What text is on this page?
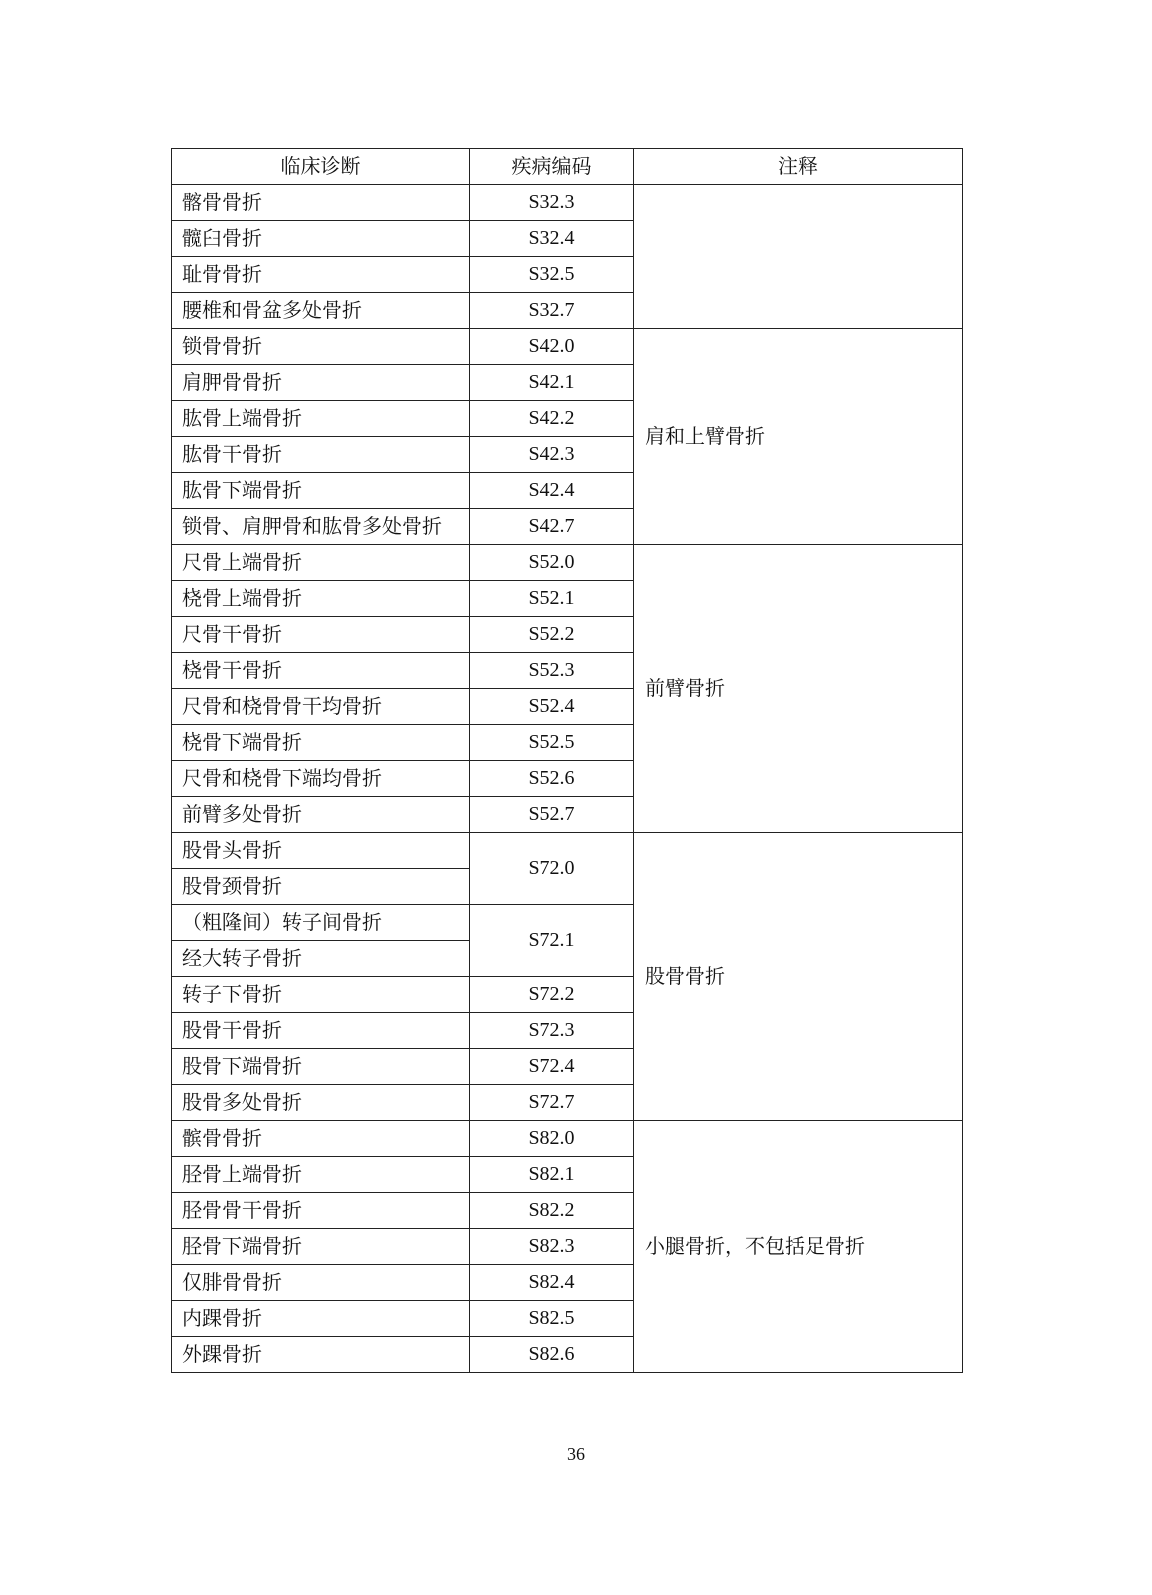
临床诊断	疾病编码	注释
髂骨骨折	S32.3	
髋臼骨折	S32.4	
耻骨骨折	S32.5	
腰椎和骨盆多处骨折	S32.7	
锁骨骨折	S42.0	肩和上臂骨折
肩胛骨骨折	S42.1	
肱骨上端骨折	S42.2	
肱骨干骨折	S42.3	
肱骨下端骨折	S42.4	
锁骨、肩胛骨和肱骨多处骨折	S42.7	
尺骨上端骨折	S52.0	前臂骨折
桡骨上端骨折	S52.1	
尺骨干骨折	S52.2	
桡骨干骨折	S52.3	
尺骨和桡骨骨干均骨折	S52.4	
桡骨下端骨折	S52.5	
尺骨和桡骨下端均骨折	S52.6	
前臂多处骨折	S52.7	
股骨头骨折	S72.0	股骨骨折
股骨颈骨折		
（粗隆间）转子间骨折	S72.1	
经大转子骨折		
转子下骨折	S72.2	
股骨干骨折	S72.3	
股骨下端骨折	S72.4	
股骨多处骨折	S72.7	
髌骨骨折	S82.0	小腿骨折，不包括足骨折
胫骨上端骨折	S82.1	
胫骨骨干骨折	S82.2	
胫骨下端骨折	S82.3	
仅腓骨骨折	S82.4	
内踝骨折	S82.5	
外踝骨折	S82.6	
36
